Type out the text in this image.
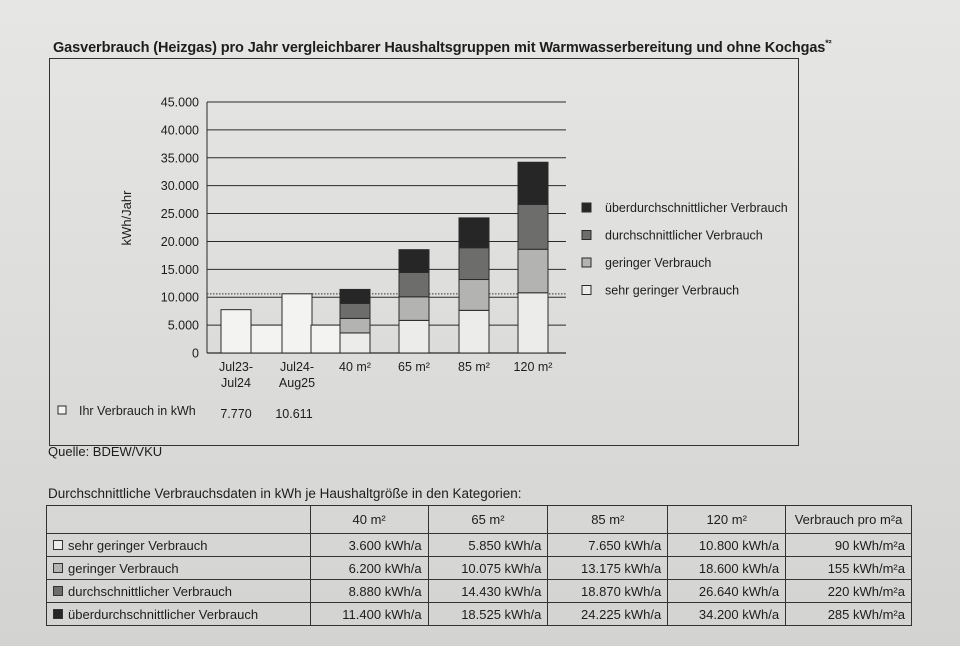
Gasverbrauch (Heizgas) pro Jahr vergleichbarer Haushaltsgruppen mit Warmwasserbereitung und ohne Kochgas$^{*^2}$
0
5.000
10.000
15.000
20.000
25.000
30.000
35.000
40.000
45.000
kWh/Jahr
Jul23-
Jul24
Jul24-
Aug25
40 m² 65 m² 85 m² 120 m²
überdurchschnittlicher Verbrauch
durchschnittlicher Verbrauch
geringer Verbrauch
sehr geringer Verbrauch
Ihr Verbrauch in kWh 7.770 10.611
Quelle: BDEW/VKU
Durchschnittliche Verbrauchsdaten in kWh je Haushaltgröße in den Kategorien:
	40 m²	65 m²	85 m²	120 m²	Verbrauch pro m²a
sehr geringer Verbrauch	3.600 kWh/a	5.850 kWh/a	7.650 kWh/a	10.800 kWh/a	90 kWh/m²a
geringer Verbrauch	6.200 kWh/a	10.075 kWh/a	13.175 kWh/a	18.600 kWh/a	155 kWh/m²a
durchschnittlicher Verbrauch	8.880 kWh/a	14.430 kWh/a	18.870 kWh/a	26.640 kWh/a	220 kWh/m²a
überdurchschnittlicher Verbrauch	11.400 kWh/a	18.525 kWh/a	24.225 kWh/a	34.200 kWh/a	285 kWh/m²a
